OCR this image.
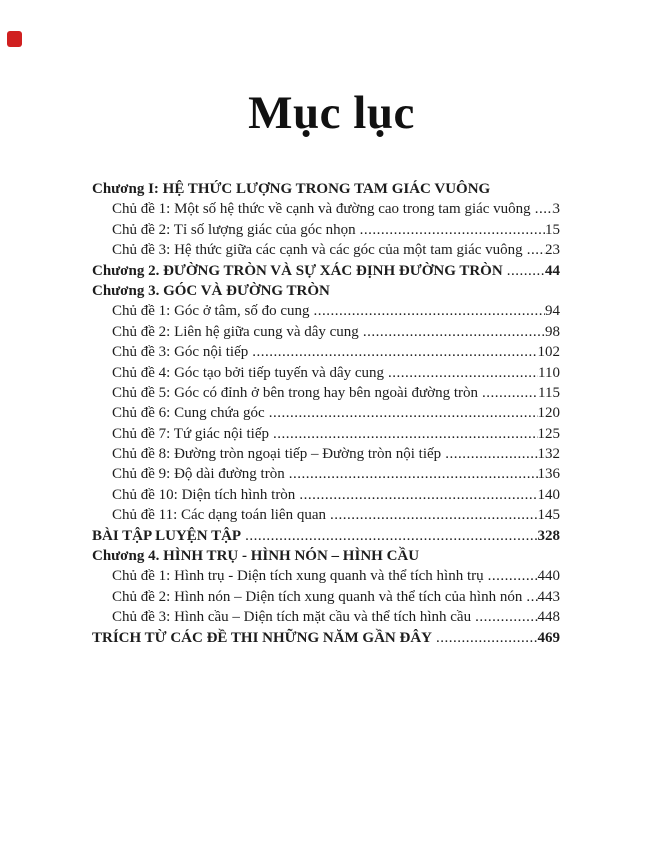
Mục lục
Chương I: HỆ THỨC LƯỢNG TRONG TAM GIÁC VUÔNG
Chủ đề 1: Một số hệ thức về cạnh và đường cao trong tam giác vuông ..... 3
Chủ đề 2: Tỉ số lượng giác của góc nhọn .....	15
Chủ đề 3: Hệ thức giữa các cạnh và các góc của một tam giác vuông ..... 23
Chương 2. ĐƯỜNG TRÒN VÀ SỰ XÁC ĐỊNH ĐƯỜNG TRÒN .....	44
Chương 3. GÓC VÀ ĐƯỜNG TRÒN
Chủ đề 1: Góc ở tâm, số đo cung .....	94
Chủ đề 2: Liên hệ giữa cung và dây cung .....	98
Chủ đề 3: Góc nội tiếp .....	102
Chủ đề 4: Góc tạo bởi tiếp tuyến và dây cung .....	110
Chủ đề 5: Góc có đỉnh ở bên trong hay bên ngoài đường tròn .....	115
Chủ đề 6: Cung chứa góc .....	120
Chủ đề 7: Tứ giác nội tiếp .....	125
Chủ đề 8: Đường tròn ngoại tiếp – Đường tròn nội tiếp .....	132
Chủ đề 9: Độ dài đường tròn .....	136
Chủ đề 10: Diện tích hình tròn .....	140
Chủ đề 11: Các dạng toán liên quan .....	145
BÀI TẬP LUYỆN TẬP .....	328
Chương 4. HÌNH TRỤ - HÌNH NÓN – HÌNH CẦU
Chủ đề 1: Hình trụ - Diện tích xung quanh và thể tích hình trụ .....	440
Chủ đề 2: Hình nón – Diện tích xung quanh và thể tích của hình nón ..... 443
Chủ đề 3: Hình cầu – Diện tích mặt cầu và thể tích hình cầu .....	448
TRÍCH TỪ CÁC ĐỀ THI NHỮNG NĂM GẦN ĐÂY .....	469
